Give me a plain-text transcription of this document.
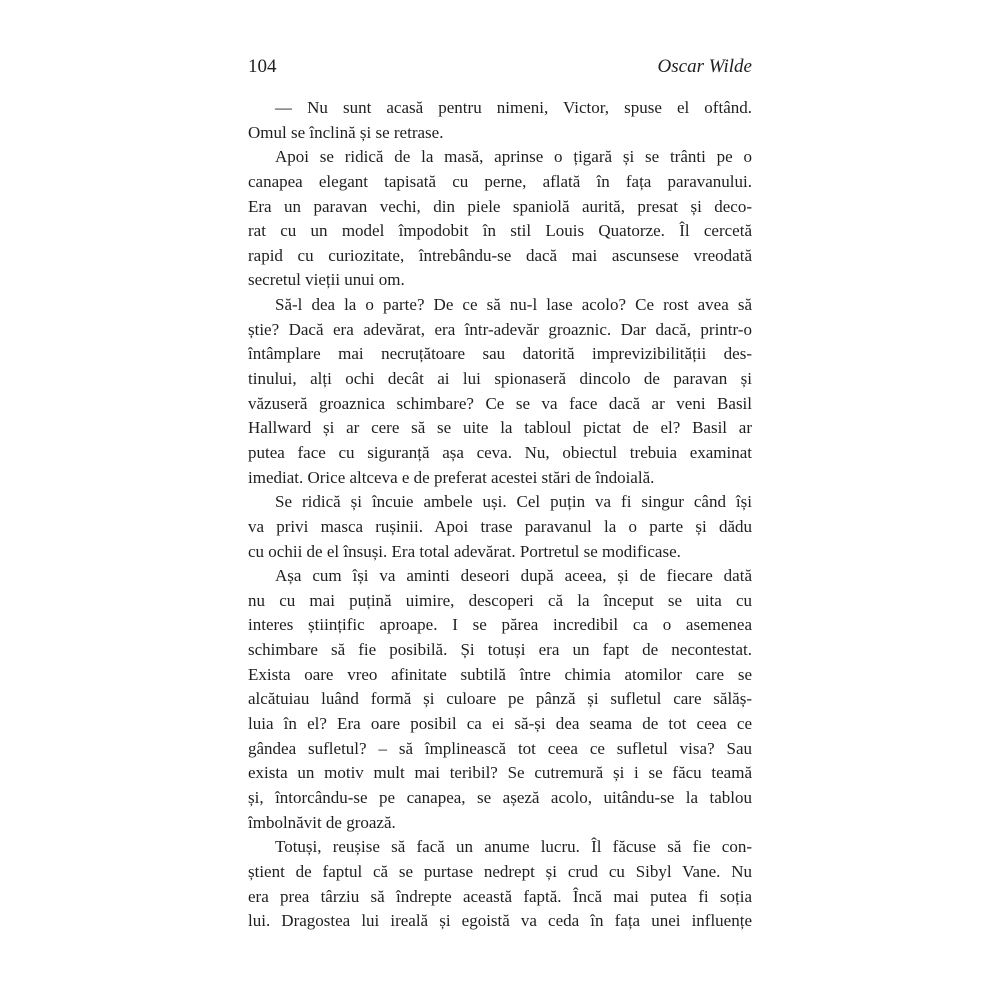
104	Oscar Wilde
— Nu sunt acasă pentru nimeni, Victor, spuse el oftând.
Omul se înclină și se retrase.
Apoi se ridică de la masă, aprinse o țigară și se trânti pe o
canapea elegant tapisată cu perne, aflată în fața paravanului.
Era un paravan vechi, din piele spaniolă aurită, presat și deco-
rat cu un model împodobit în stil Louis Quatorze. Îl cercetă
rapid cu curiozitate, întrebându-se dacă mai ascunsese vreodată
secretul vieții unui om.
Să-l dea la o parte? De ce să nu-l lase acolo? Ce rost avea să
știe? Dacă era adevărat, era într-adevăr groaznic. Dar dacă, printr-o
întâmplare mai necruțătoare sau datorită imprevizibilității des-
tinului, alți ochi decât ai lui spionaseră dincolo de paravan și
văzuseră groaznica schimbare? Ce se va face dacă ar veni Basil
Hallward și ar cere să se uite la tabloul pictat de el? Basil ar
putea face cu siguranță așa ceva. Nu, obiectul trebuia examinat
imediat. Orice altceva e de preferat acestei stări de îndoială.
Se ridică și încuie ambele uși. Cel puțin va fi singur când își
va privi masca rușinii. Apoi trase paravanul la o parte și dădu
cu ochii de el însuși. Era total adevărat. Portretul se modificase.
Așa cum își va aminti deseori după aceea, și de fiecare dată
nu cu mai puțină uimire, descoperi că la început se uita cu
interes științific aproape. I se părea incredibil ca o asemenea
schimbare să fie posibilă. Și totuși era un fapt de necontestat.
Exista oare vreo afinitate subtilă între chimia atomilor care se
alcătuiau luând formă și culoare pe pânză și sufletul care sălăș-
luia în el? Era oare posibil ca ei să-și dea seama de tot ceea ce
gândea sufletul? – să împlinească tot ceea ce sufletul visa? Sau
exista un motiv mult mai teribil? Se cutremură și i se făcu teamă
și, întorcându-se pe canapea, se așeză acolo, uitându-se la tablou
îmbolnăvit de groază.
Totuși, reușise să facă un anume lucru. Îl făcuse să fie con-
știent de faptul că se purtase nedrept și crud cu Sibyl Vane. Nu
era prea târziu să îndrepte această faptă. Încă mai putea fi soția
lui. Dragostea lui ireală și egoistă va ceda în fața unei influențe
